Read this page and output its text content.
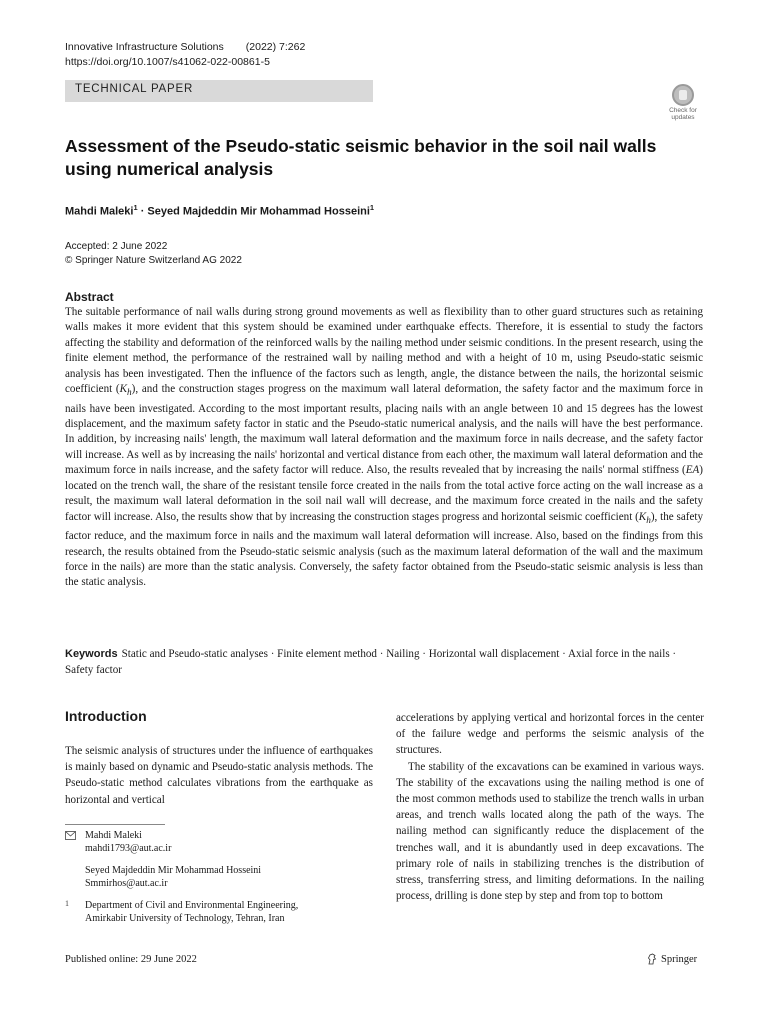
Innovative Infrastructure Solutions (2022) 7:262
https://doi.org/10.1007/s41062-022-00861-5
TECHNICAL PAPER
Check for
updates
Assessment of the Pseudo-static seismic behavior in the soil nail walls using numerical analysis
Mahdi Maleki$^1$ · Seyed Majdeddin Mir Mohammad Hosseini$^1$
Accepted: 2 June 2022
© Springer Nature Switzerland AG 2022
Abstract

The suitable performance of nail walls during strong ground movements as well as flexibility than to other guard structures such as retaining walls makes it more evident that this system should be examined under earthquake effects. Therefore, it is essential to study the factors affecting the stability and deformation of the reinforced walls by the nailing method under seismic conditions. In the present research, using the finite element method, the performance of the restrained wall by nailing method and with a height of 10 m, using Pseudo-static seismic analysis has been investigated. Then the influence of the factors such as length, angle, the distance between the nails, the horizontal seismic coefficient $(K_h)$, and the construction stages progress on the maximum wall lateral deformation, the safety factor and the maximum force in nails have been investigated. According to the most important results, placing nails with an angle between 10 and 15 degrees has the lowest displacement, and the maximum safety factor in static and the Pseudo-static numerical analysis, and the nails will have the best performance. In addition, by increasing nails' length, the maximum wall lateral deformation and the maximum force in nails decrease, and the safety factor will increase. As well as by increasing the nails' horizontal and vertical distance from each other, the maximum wall lateral deformation and the maximum force in nails increase, and the safety factor will reduce. Also, the results revealed that by increasing the nails' normal stiffness (EA) located on the trench wall, the share of the resistant tensile force created in the nails from the total active force acting on the wall increase as a result, the maximum wall lateral deformation in the soil nail wall will decrease, and the maximum force created in the nails and the safety factor will increase. Also, the results show that by increasing the construction stages progress and horizontal seismic coefficient $(K_h)$, the safety factor reduce, and the maximum force in nails and the maximum wall lateral deformation will increase. Also, based on the findings from this research, the results obtained from the Pseudo-static seismic analysis (such as the maximum lateral deformation of the wall and the maximum force in the nails) are more than the static analysis. Conversely, the safety factor obtained from the Pseudo-static seismic analysis is less than the static analysis.

Keywords Static and Pseudo-static analyses · Finite element method · Nailing · Horizontal wall displacement · Axial force in the nails · Safety factor
Introduction

The seismic analysis of structures under the influence of earthquakes is mainly based on dynamic and Pseudo-static analysis methods. The Pseudo-static method calculates vibrations from the earthquake as horizontal and vertical

Mahdi Maleki
mahdi1793@aut.ac.ir
Seyed Majdeddin Mir Mohammad Hosseini
Smmirhos@aut.ac.ir
1 Department of Civil and Environmental Engineering,
Amirkabir University of Technology, Tehran, Iran

accelerations by applying vertical and horizontal forces in the center of the failure wedge and performs the seismic analysis of the structures.

The stability of the excavations can be examined in various ways. The stability of the excavations using the nailing method is one of the most common methods used to stabilize the trench walls in urban areas, and trench walls located along the path of the ways. The nailing method can significantly reduce the displacement of the trenches wall, and it is abundantly used in deep excavations. The primary role of nails in stabilizing trenches is the distribution of stress, transferring stress, and limiting deformations. In the nailing process, drilling is done step by step and from top to bottom

Published online: 29 June 2022	Springer
